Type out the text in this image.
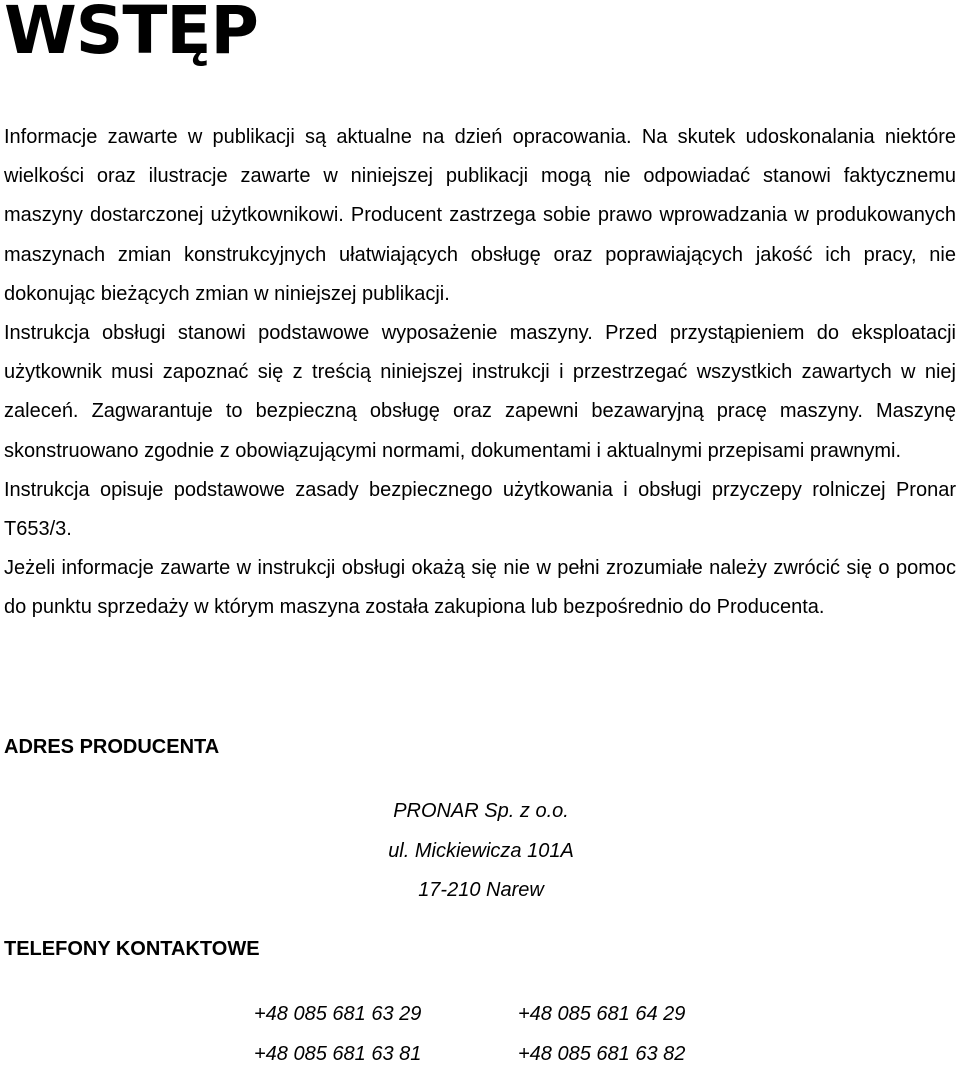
WSTĘP

Informacje zawarte w publikacji są aktualne na dzień opracowania. Na skutek udoskonalania niektóre wielkości oraz ilustracje zawarte w niniejszej publikacji mogą nie odpowiadać stanowi faktycznemu maszyny dostarczonej użytkownikowi. Producent zastrzega sobie prawo wprowadzania w produkowanych maszynach zmian konstrukcyjnych ułatwiających obsługę oraz poprawiających jakość ich pracy, nie dokonując bieżących zmian w niniejszej publikacji.

Instrukcja obsługi stanowi podstawowe wyposażenie maszyny. Przed przystąpieniem do eksploatacji użytkownik musi zapoznać się z treścią niniejszej instrukcji i przestrzegać wszystkich zawartych w niej zaleceń. Zagwarantuje to bezpieczną obsługę oraz zapewni bezawaryjną pracę maszyny. Maszynę skonstruowano zgodnie z obowiązującymi normami, dokumentami i aktualnymi przepisami prawnymi.

Instrukcja opisuje podstawowe zasady bezpiecznego użytkowania i obsługi przyczepy rolniczej Pronar T653/3.

Jeżeli informacje zawarte w instrukcji obsługi okażą się nie w pełni zrozumiałe należy zwrócić się o pomoc do punktu sprzedaży w którym maszyna została zakupiona lub bezpośrednio do Producenta.

ADRES PRODUCENTA
PRONAR Sp. z o.o.
ul. Mickiewicza 101A
17-210 Narew
TELEFONY KONTAKTOWE
+48 085 681 63 29	+48 085 681 64 29
+48 085 681 63 81	+48 085 681 63 82
